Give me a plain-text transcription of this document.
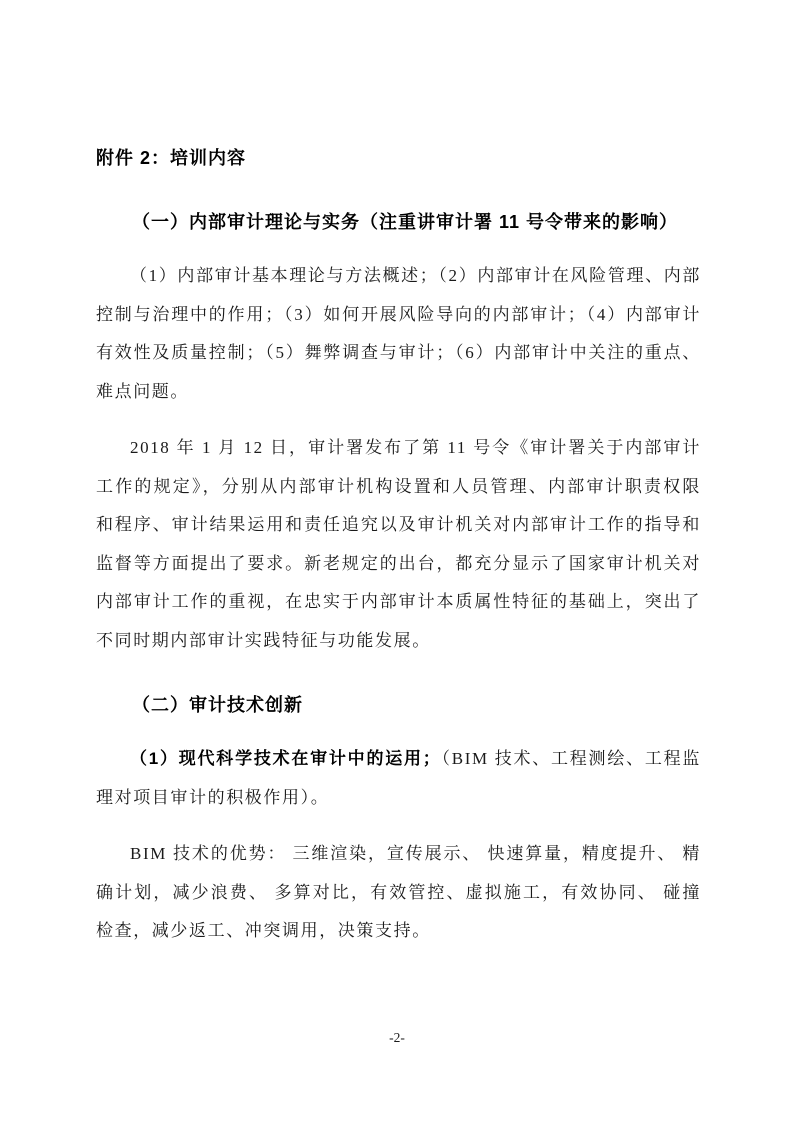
附件 2：培训内容
（一）内部审计理论与实务（注重讲审计署 11 号令带来的影响）

（1）内部审计基本理论与方法概述；（2）内部审计在风险管理、内部控制与治理中的作用；（3）如何开展风险导向的内部审计；（4）内部审计有效性及质量控制；（5）舞弊调查与审计；（6）内部审计中关注的重点、难点问题。

2018 年 1 月 12 日，审计署发布了第 11 号令《审计署关于内部审计工作的规定》，分别从内部审计机构设置和人员管理、内部审计职责权限和程序、审计结果运用和责任追究以及审计机关对内部审计工作的指导和监督等方面提出了要求。新老规定的出台，都充分显示了国家审计机关对内部审计工作的重视，在忠实于内部审计本质属性特征的基础上，突出了不同时期内部审计实践特征与功能发展。

（二）审计技术创新

（1）现代科学技术在审计中的运用；（BIM 技术、工程测绘、工程监理对项目审计的积极作用）。

BIM 技术的优势： 三维渲染，宣传展示、 快速算量，精度提升、 精确计划，减少浪费、 多算对比，有效管控、虚拟施工，有效协同、 碰撞检查，减少返工、冲突调用，决策支持。

-2-
